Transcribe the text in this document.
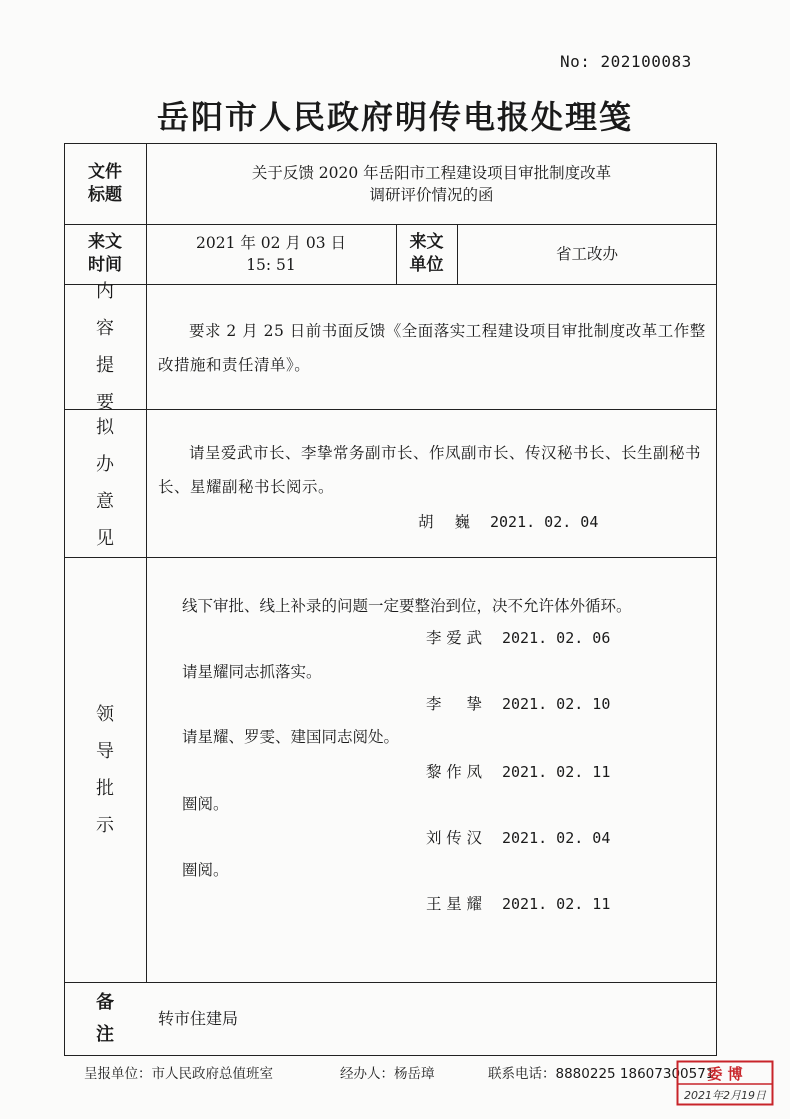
No: 202100083
岳阳市人民政府明传电报处理笺
文件
标题
关于反馈 2020 年岳阳市工程建设项目审批制度改革
调研评价情况的函
来文
时间
2021 年 02 月 03 日
15: 51
来文
单位
省工改办
内
容
提
要
要求 2 月 25 日前书面反馈《全面落实工程建设项目审批制度改革工作整改措施和责任清单》。
拟
办
意
见
请呈爱武市长、李挚常务副市长、作凤副市长、传汉秘书长、长生副秘书长、星耀副秘书长阅示。
胡 巍 2021. 02. 04
领
导
批
示
线下审批、线上补录的问题一定要整治到位，决不允许体外循环。
李爱武 2021. 02. 06
请星耀同志抓落实。
李 挚 2021. 02. 10
请星耀、罗雯、建国同志阅处。
黎作凤 2021. 02. 11
圈阅。
刘传汉 2021. 02. 04
圈阅。
王星耀 2021. 02. 11
备
注
转市住建局
呈报单位：市人民政府总值班室	经办人：杨岳璋	联系电话：8880225 18607300571
委 博
2021年2月19日
